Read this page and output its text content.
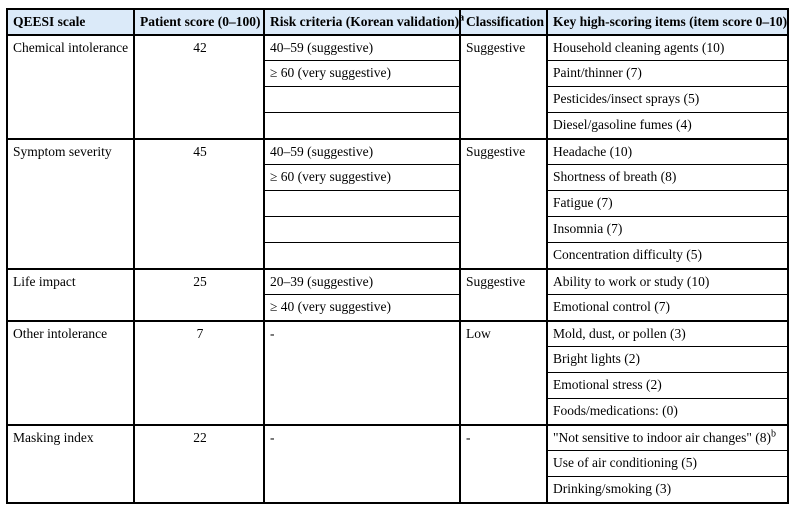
QEESI scale	Patient score (0–100)	Risk criteria (Korean validation)$^a$	Classification	Key high-scoring items (item score 0–10)
Chemical intolerance	42	40–59 (suggestive)	Suggestive	Household cleaning agents (10)
		≥ 60 (very suggestive)		Paint/thinner (7)
				Pesticides/insect sprays (5)
				Diesel/gasoline fumes (4)
Symptom severity	45	40–59 (suggestive)	Suggestive	Headache (10)
		≥ 60 (very suggestive)		Shortness of breath (8)
				Fatigue (7)
				Insomnia (7)
				Concentration difficulty (5)
Life impact	25	20–39 (suggestive)	Suggestive	Ability to work or study (10)
		≥ 40 (very suggestive)		Emotional control (7)
Other intolerance	7	-	Low	Mold, dust, or pollen (3)
				Bright lights (2)
				Emotional stress (2)
				Foods/medications: (0)
Masking index	22	-	-	"Not sensitive to indoor air changes" $(8)^b$
				Use of air conditioning (5)
				Drinking/smoking (3)
